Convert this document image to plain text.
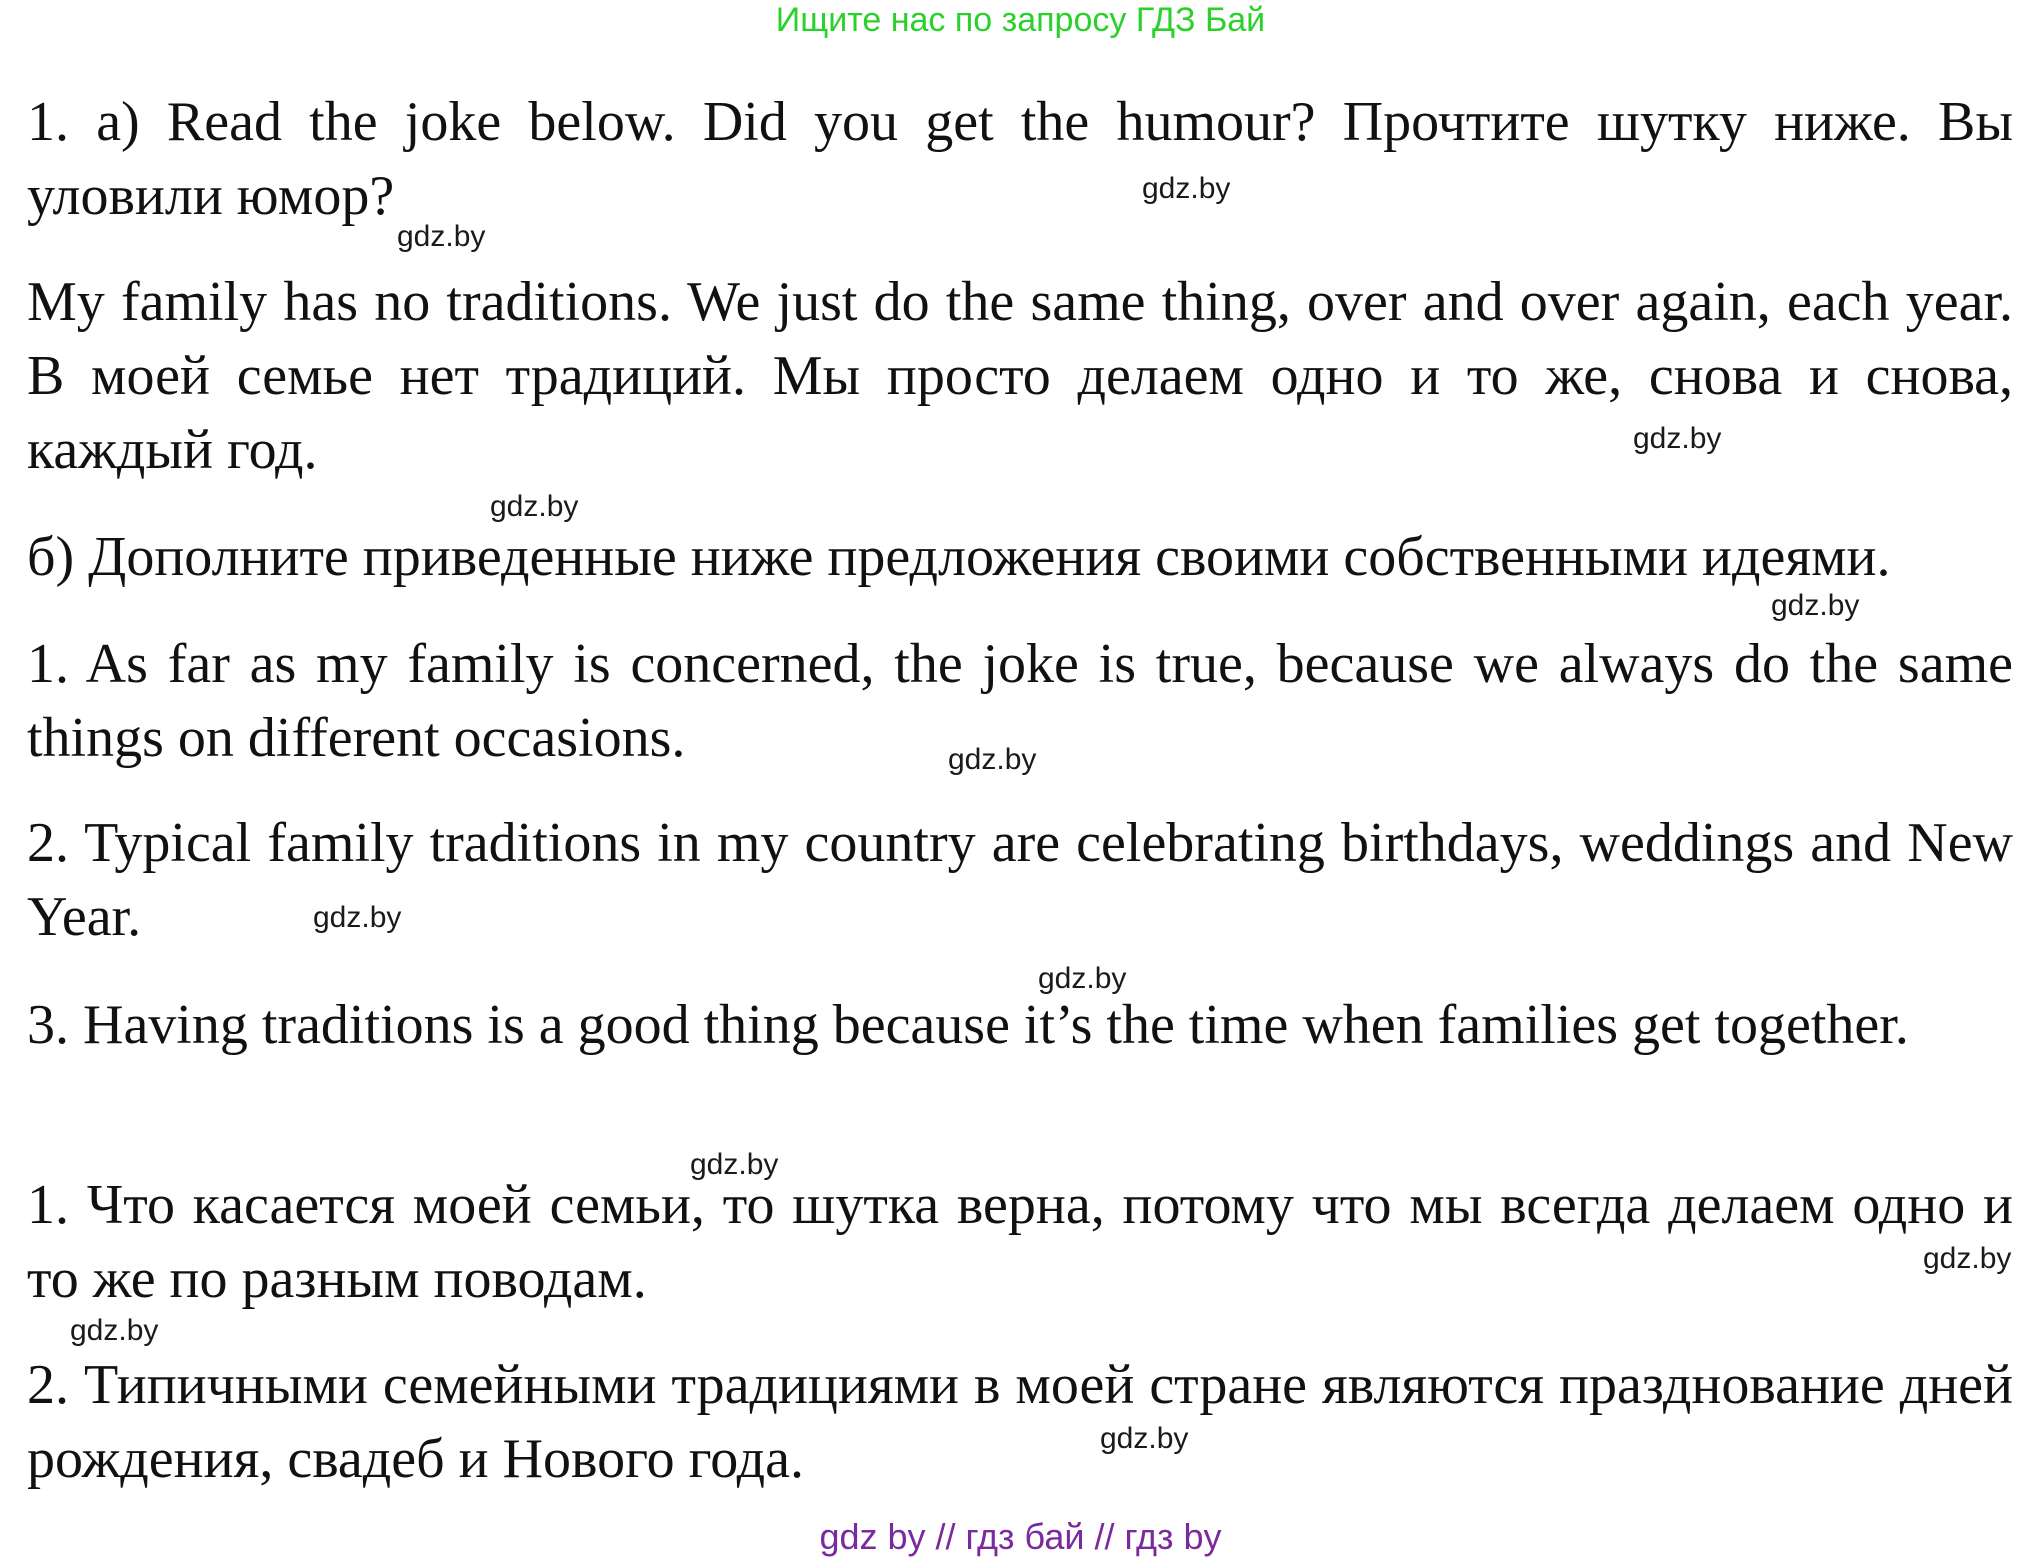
Ищите нас по запросу ГДЗ Бай

1. a) Read the joke below. Did you get the humour? Прочтите шутку ниже. Вы уловили юмор?

My family has no traditions. We just do the same thing, over and over again, each year. В моей семье нет традиций. Мы просто делаем одно и то же, снова и снова, каждый год.

б) Дополните приведенные ниже предложения своими собственными идеями.

1. As far as my family is concerned, the joke is true, because we always do the same things on different occasions.

2. Typical family traditions in my country are celebrating birthdays, weddings and New Year.

3. Having traditions is a good thing because it’s the time when families get together.

1. Что касается моей семьи, то шутка верна, потому что мы всегда делаем одно и то же по разным поводам.

2. Типичными семейными традициями в моей стране являются празднование дней рождения, свадеб и Нового года.

gdz.by
gdz.by
gdz.by
gdz.by
gdz.by
gdz.by
gdz.by
gdz.by
gdz.by
gdz.by
gdz.by
gdz.by
gdz by // гдз бай // гдз by
